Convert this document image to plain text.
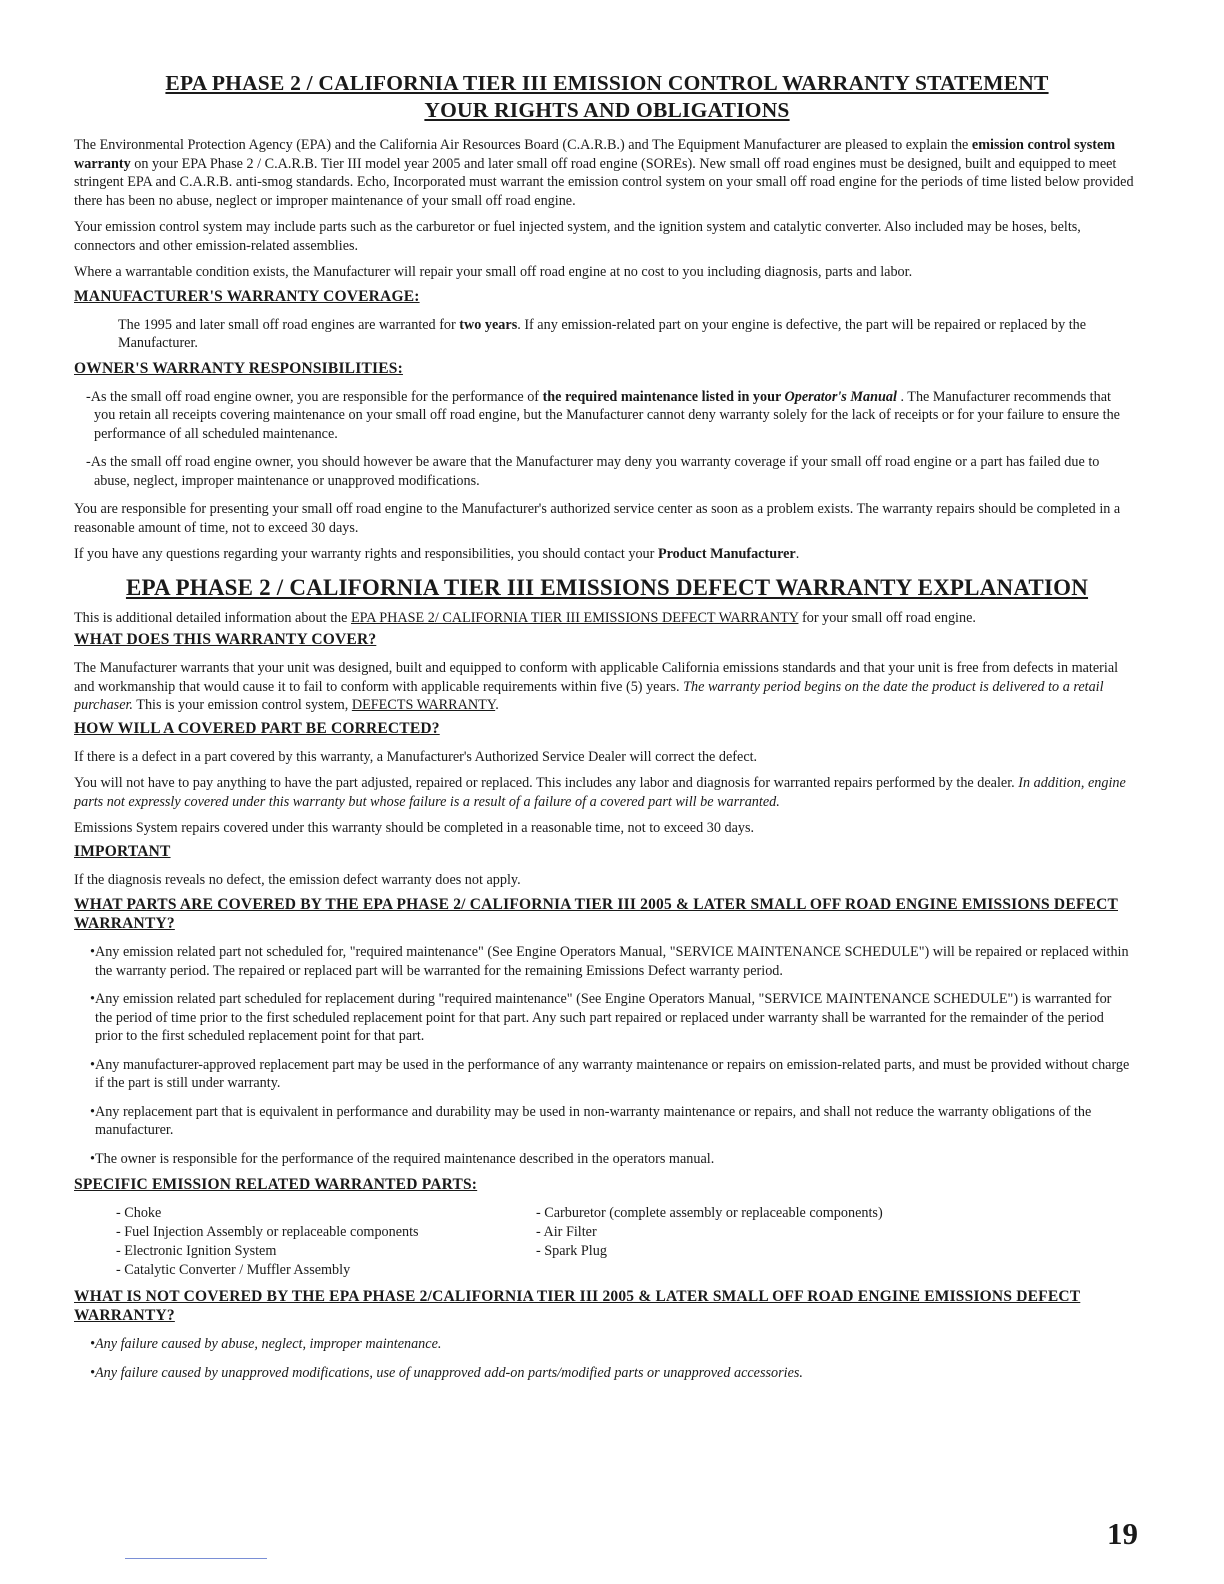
EPA PHASE 2 / CALIFORNIA TIER III EMISSION CONTROL WARRANTY STATEMENT
YOUR RIGHTS AND OBLIGATIONS

The Environmental Protection Agency (EPA) and the California Air Resources Board (C.A.R.B.) and The Equipment Manufacturer are pleased to explain the emission control system warranty on your EPA Phase 2 / C.A.R.B. Tier III model year 2005 and later small off road engine (SOREs). New small off road engines must be designed, built and equipped to meet stringent EPA and C.A.R.B. anti-smog standards. Echo, Incorporated must warrant the emission control system on your small off road engine for the periods of time listed below provided there has been no abuse, neglect or improper maintenance of your small off road engine.

Your emission control system may include parts such as the carburetor or fuel injected system, and the ignition system and catalytic converter. Also included may be hoses, belts, connectors and other emission-related assemblies.

Where a warrantable condition exists, the Manufacturer will repair your small off road engine at no cost to you including diagnosis, parts and labor.

MANUFACTURER'S WARRANTY COVERAGE:

The 1995 and later small off road engines are warranted for two years. If any emission-related part on your engine is defective, the part will be repaired or replaced by the Manufacturer.

OWNER'S WARRANTY RESPONSIBILITIES:

-As the small off road engine owner, you are responsible for the performance of the required maintenance listed in your Operator's Manual . The Manufacturer recommends that you retain all receipts covering maintenance on your small off road engine, but the Manufacturer cannot deny warranty solely for the lack of receipts or for your failure to ensure the performance of all scheduled maintenance.

-As the small off road engine owner, you should however be aware that the Manufacturer may deny you warranty coverage if your small off road engine or a part has failed due to abuse, neglect, improper maintenance or unapproved modifications.

You are responsible for presenting your small off road engine to the Manufacturer's authorized service center as soon as a problem exists. The warranty repairs should be completed in a reasonable amount of time, not to exceed 30 days.

If you have any questions regarding your warranty rights and responsibilities, you should contact your Product Manufacturer.

EPA PHASE 2 / CALIFORNIA TIER III EMISSIONS DEFECT WARRANTY EXPLANATION

This is additional detailed information about the EPA PHASE 2/ CALIFORNIA TIER III EMISSIONS DEFECT WARRANTY for your small off road engine.

WHAT DOES THIS WARRANTY COVER?

The Manufacturer warrants that your unit was designed, built and equipped to conform with applicable California emissions standards and that your unit is free from defects in material and workmanship that would cause it to fail to conform with applicable requirements within five (5) years. The warranty period begins on the date the product is delivered to a retail purchaser. This is your emission control system, DEFECTS WARRANTY.

HOW WILL A COVERED PART BE CORRECTED?

If there is a defect in a part covered by this warranty, a Manufacturer's Authorized Service Dealer will correct the defect.

You will not have to pay anything to have the part adjusted, repaired or replaced. This includes any labor and diagnosis for warranted repairs performed by the dealer. In addition, engine parts not expressly covered under this warranty but whose failure is a result of a failure of a covered part will be warranted.

Emissions System repairs covered under this warranty should be completed in a reasonable time, not to exceed 30 days.

IMPORTANT

If the diagnosis reveals no defect, the emission defect warranty does not apply.

WHAT PARTS ARE COVERED BY THE EPA PHASE 2/ CALIFORNIA TIER III 2005 & LATER SMALL OFF ROAD ENGINE EMISSIONS DEFECT WARRANTY?

•Any emission related part not scheduled for, "required maintenance" (See Engine Operators Manual, "SERVICE MAINTENANCE SCHEDULE") will be repaired or replaced within the warranty period. The repaired or replaced part will be warranted for the remaining Emissions Defect warranty period.

•Any emission related part scheduled for replacement during "required maintenance" (See Engine Operators Manual, "SERVICE MAINTENANCE SCHEDULE") is warranted for the period of time prior to the first scheduled replacement point for that part. Any such part repaired or replaced under warranty shall be warranted for the remainder of the period prior to the first scheduled replacement point for that part.

•Any manufacturer-approved replacement part may be used in the performance of any warranty maintenance or repairs on emission-related parts, and must be provided without charge if the part is still under warranty.

•Any replacement part that is equivalent in performance and durability may be used in non-warranty maintenance or repairs, and shall not reduce the warranty obligations of the manufacturer.

•The owner is responsible for the performance of the required maintenance described in the operators manual.

SPECIFIC EMISSION RELATED WARRANTED PARTS:
- Choke
- Fuel Injection Assembly or replaceable components
- Electronic Ignition System
- Catalytic Converter / Muffler Assembly
- Carburetor (complete assembly or replaceable components)
- Air Filter
- Spark Plug
WHAT IS NOT COVERED BY THE EPA PHASE 2/CALIFORNIA TIER III 2005 & LATER SMALL OFF ROAD ENGINE EMISSIONS DEFECT WARRANTY?

•Any failure caused by abuse, neglect, improper maintenance.

•Any failure caused by unapproved modifications, use of unapproved add-on parts/modified parts or unapproved accessories.

19
